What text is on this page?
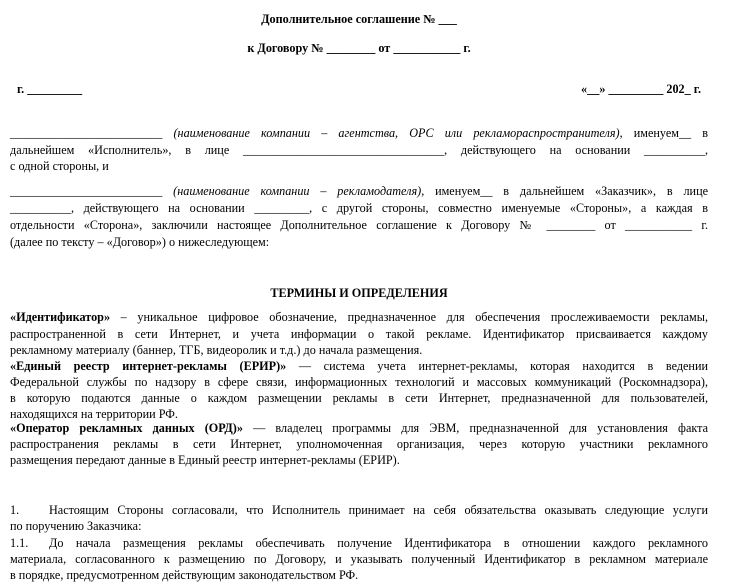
Дополнительное соглашение № ___
к Договору № ________ от ___________ г.
г. _________	«__» _________ 202_ г.
_________________________ (наименование компании – агентства, ОРС или рекламораспространителя), именуем__ в
дальнейшем «Исполнитель», в лице _________________________________, действующего на основании __________,
с одной стороны, и
_________________________ (наименование компании – рекламодателя), именуем__ в дальнейшем «Заказчик», в лице
__________, действующего на основании _________, с другой стороны, совместно именуемые «Стороны», а каждая в
отдельности «Сторона», заключили настоящее Дополнительное соглашение к Договору № ________ от ___________ г.
(далее по тексту – «Договор») о нижеследующем:
ТЕРМИНЫ И ОПРЕДЕЛЕНИЯ
«Идентификатор» – уникальное цифровое обозначение, предназначенное для обеспечения прослеживаемости рекламы,
распространенной в сети Интернет, и учета информации о такой рекламе. Идентификатор присваивается каждому
рекламному материалу (баннер, ТГБ, видеоролик и т.д.) до начала размещения.
«Единый реестр интернет-рекламы (ЕРИР)» — система учета интернет-рекламы, которая находится в ведении
Федеральной службы по надзору в сфере связи, информационных технологий и массовых коммуникаций (Роскомнадзора),
в которую подаются данные о каждом размещении рекламы в сети Интернет, предназначенной для пользователей,
находящихся на территории РФ.
«Оператор рекламных данных (ОРД)» — владелец программы для ЭВМ, предназначенной для установления факта
распространения рекламы в сети Интернет, уполномоченная организация, через которую участники рекламного
размещения передают данные в Единый реестр интернет-рекламы (ЕРИР).
1. Настоящим Стороны согласовали, что Исполнитель принимает на себя обязательства оказывать следующие услуги
по поручению Заказчика:
1.1. До начала размещения рекламы обеспечивать получение Идентификатора в отношении каждого рекламного
материала, согласованного к размещению по Договору, и указывать полученный Идентификатор в рекламном материале
в порядке, предусмотренном действующим законодательством РФ.
